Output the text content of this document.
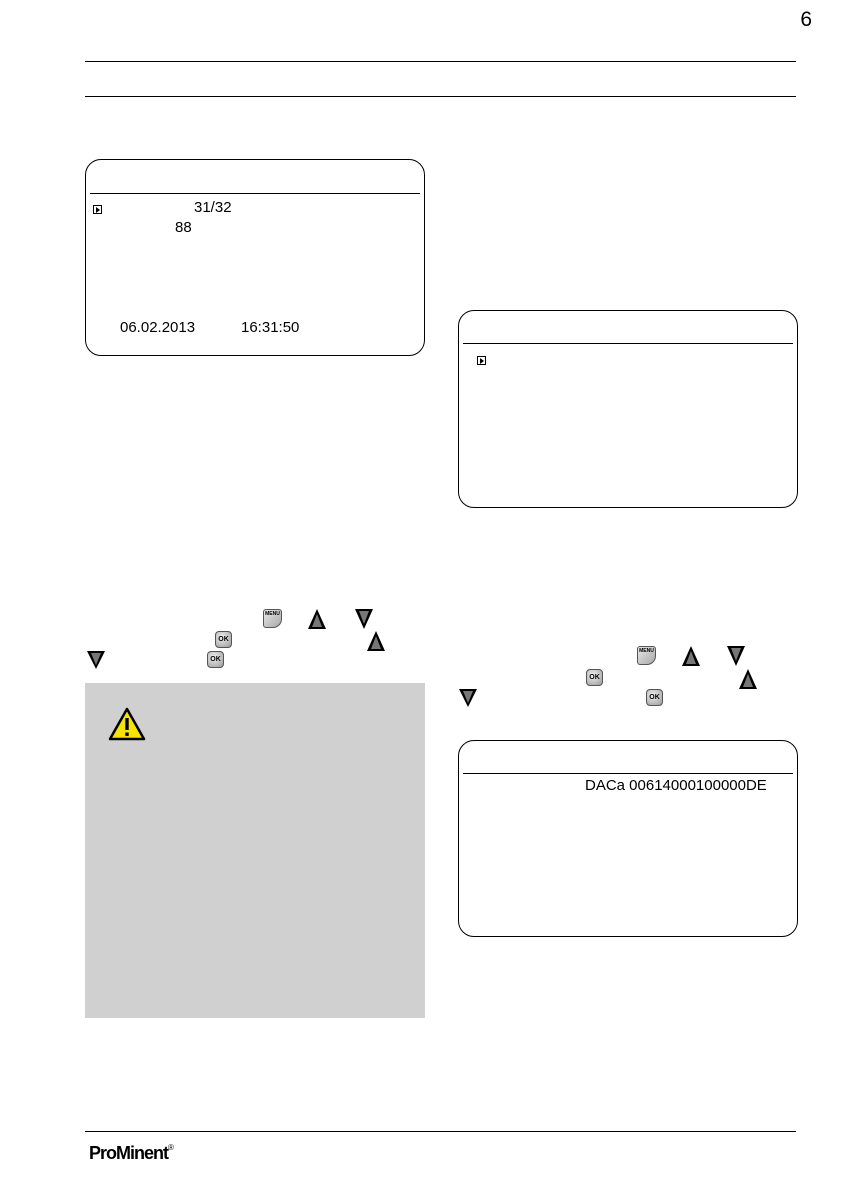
6
31/32
88
06.02.2013	16:31:50
MENU
OK
OK
MENU
OK
OK
DACa 00614000100000DE
ProMinent®
